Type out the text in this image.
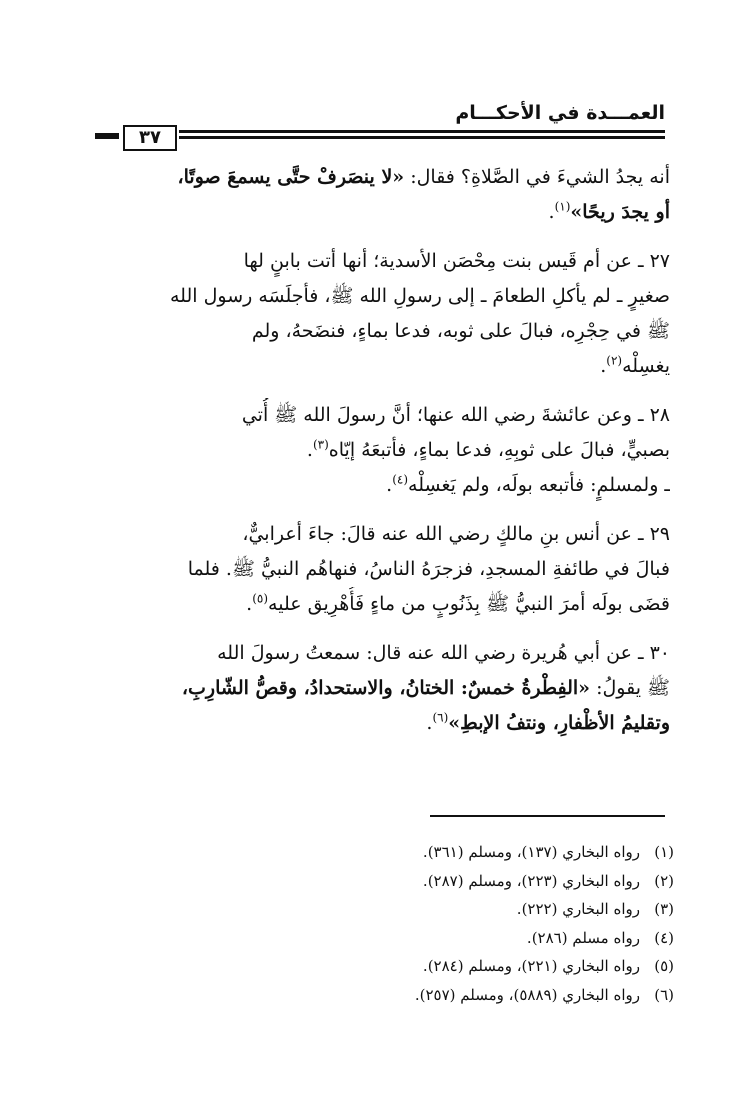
العمـــدة في الأحكـــام
٣٧

أنه يجدُ الشيءَ في الصَّلاةِ؟ فقال: «لا ينصَرفْ حتَّى يسمعَ صوتًا،
أو يجدَ ريحًا»$^{(١)}$.

٢٧ ـ عن أم قَيس بنت مِحْصَن الأسدية؛ أنها أتت بابنٍ لها
صغيرٍ ـ لم يأكلِ الطعامَ ـ إلى رسولِ الله ﷺ، فأجلَسَه رسول الله
ﷺ في حِجْرِه، فبالَ على ثوبه، فدعا بماءٍ، فنضَحهُ، ولم
يغسِلْه$^{(٢)}$.

٢٨ ـ وعن عائشةَ رضي الله عنها؛ أنَّ رسولَ الله ﷺ أُتي
بصبيٍّ، فبالَ على ثوبِهِ، فدعا بماءٍ، فأتبعَهُ إيّاه$^{(٣)}$.
ـ ولمسلمٍ: فأتبعه بولَه، ولم يَغسِلْه$^{(٤)}$.

٢٩ ـ عن أنس بنِ مالكٍ رضي الله عنه قالَ: جاءَ أعرابيٌّ،
فبالَ في طائفةِ المسجدِ، فزجرَهُ الناسُ، فنهاهُم النبيُّ ﷺ. فلما
قضَى بولَه أمرَ النبيُّ ﷺ بِذَنُوبٍ من ماءٍ فَأُهْرِيق عليه$^{(٥)}$.

٣٠ ـ عن أبي هُريرة رضي الله عنه قال: سمعتُ رسولَ الله
ﷺ يقولُ: «الفِطْرةُ خمسٌ: الختانُ، والاستحدادُ، وقصُّ الشّارِبِ،
وتقليمُ الأظْفارِ، ونتفُ الإبطِ»$^{(٦)}$.

(١)رواه البخاري (١٣٧)، ومسلم (٣٦١).
(٢)رواه البخاري (٢٢٣)، ومسلم (٢٨٧).
(٣)رواه البخاري (٢٢٢).
(٤)رواه مسلم (٢٨٦).
(٥)رواه البخاري (٢٢١)، ومسلم (٢٨٤).
(٦)رواه البخاري (٥٨٨٩)، ومسلم (٢٥٧).
